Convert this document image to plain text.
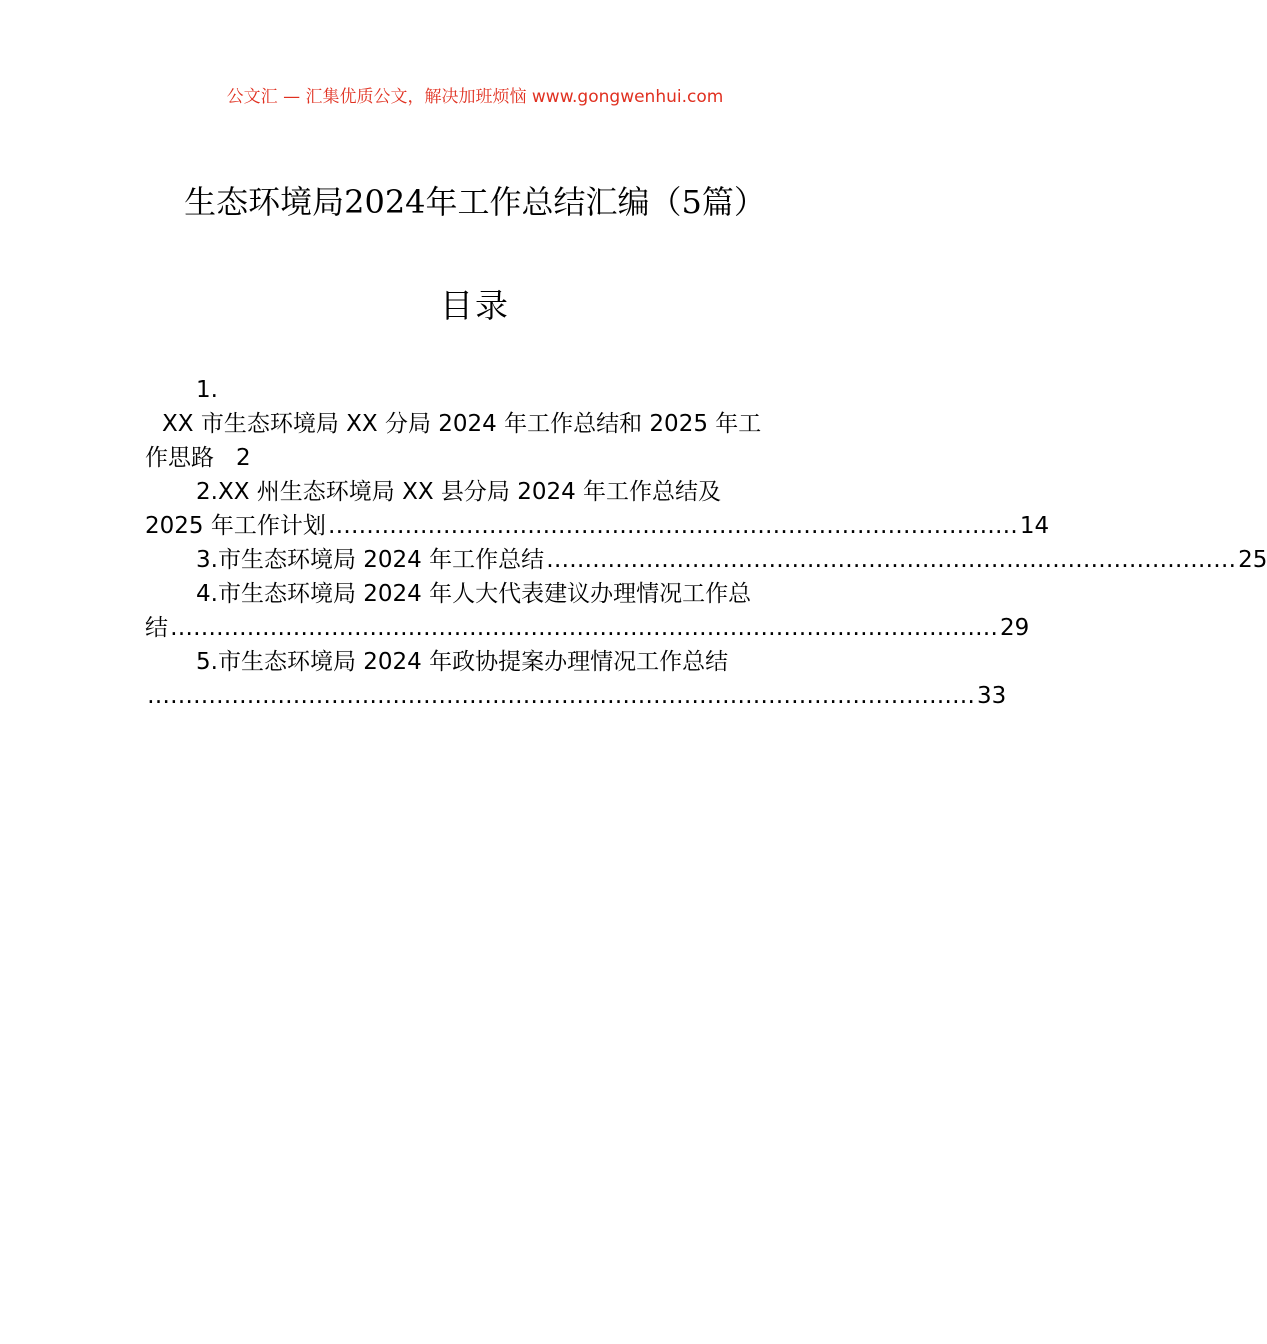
公文汇 — 汇集优质公文，解决加班烦恼 www.gongwenhui.com
生态环境局2024年工作总结汇编（5篇）
目录
1.
XX 市生态环境局 XX 分局 2024 年工作总结和 2025 年工
作思路 2
2.XX 州生态环境局 XX 县分局 2024 年工作总结及
2025 年工作计划 ……………………………………………………………………………… 14
3.市生态环境局 2024 年工作总结 ……………………………………………………………………………… 25
4.市生态环境局 2024 年人大代表建议办理情况工作总
结 ……………………………………………………………………………………………… 29
5.市生态环境局 2024 年政协提案办理情况工作总结
……………………………………………………………………………………………… 33
